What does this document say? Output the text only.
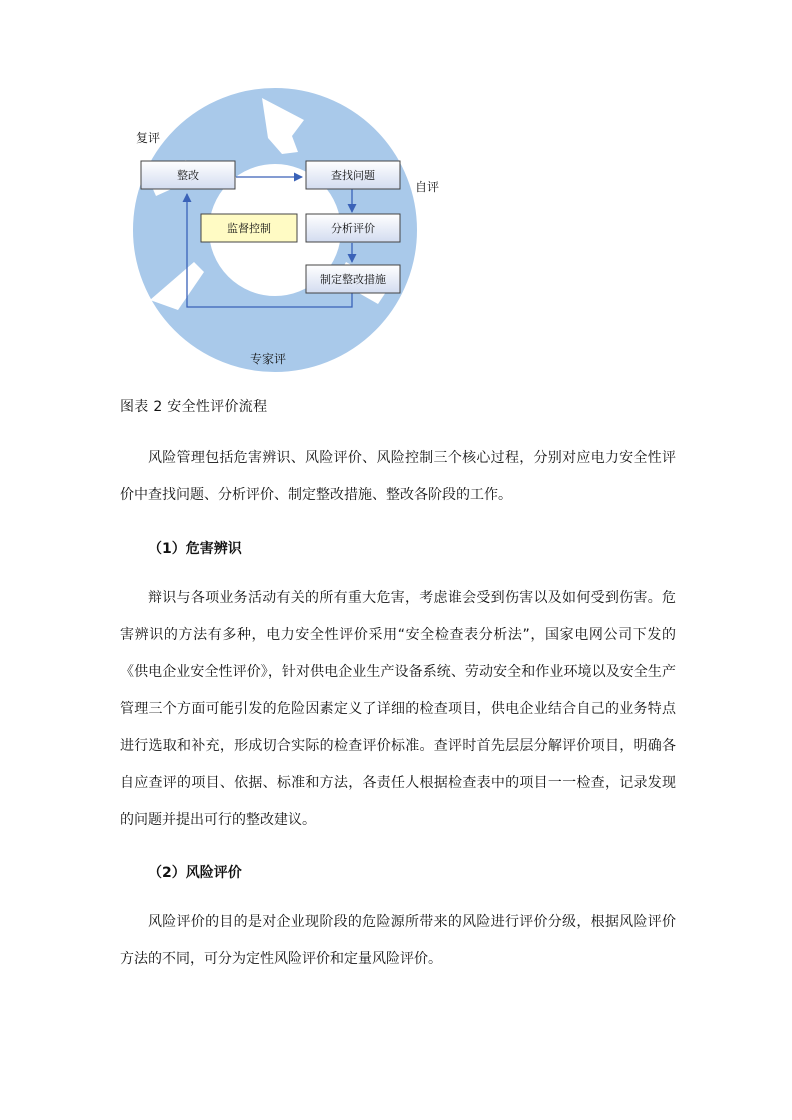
整改	查找问题
监督控制	分析评价
制定整改措施
复评
自评
专家评
图表 2 安全性评价流程

风险管理包括危害辨识、风险评价、风险控制三个核心过程，分别对应电力安全性评价中查找问题、分析评价、制定整改措施、整改各阶段的工作。

（1）危害辨识

辩识与各项业务活动有关的所有重大危害，考虑谁会受到伤害以及如何受到伤害。危害辨识的方法有多种，电力安全性评价采用“安全检查表分析法”，国家电网公司下发的《供电企业安全性评价》，针对供电企业生产设备系统、劳动安全和作业环境以及安全生产管理三个方面可能引发的危险因素定义了详细的检查项目，供电企业结合自己的业务特点进行选取和补充，形成切合实际的检查评价标准。查评时首先层层分解评价项目，明确各自应查评的项目、依据、标准和方法，各责任人根据检查表中的项目一一检查，记录发现的问题并提出可行的整改建议。

（2）风险评价

风险评价的目的是对企业现阶段的危险源所带来的风险进行评价分级，根据风险评价方法的不同，可分为定性风险评价和定量风险评价。
